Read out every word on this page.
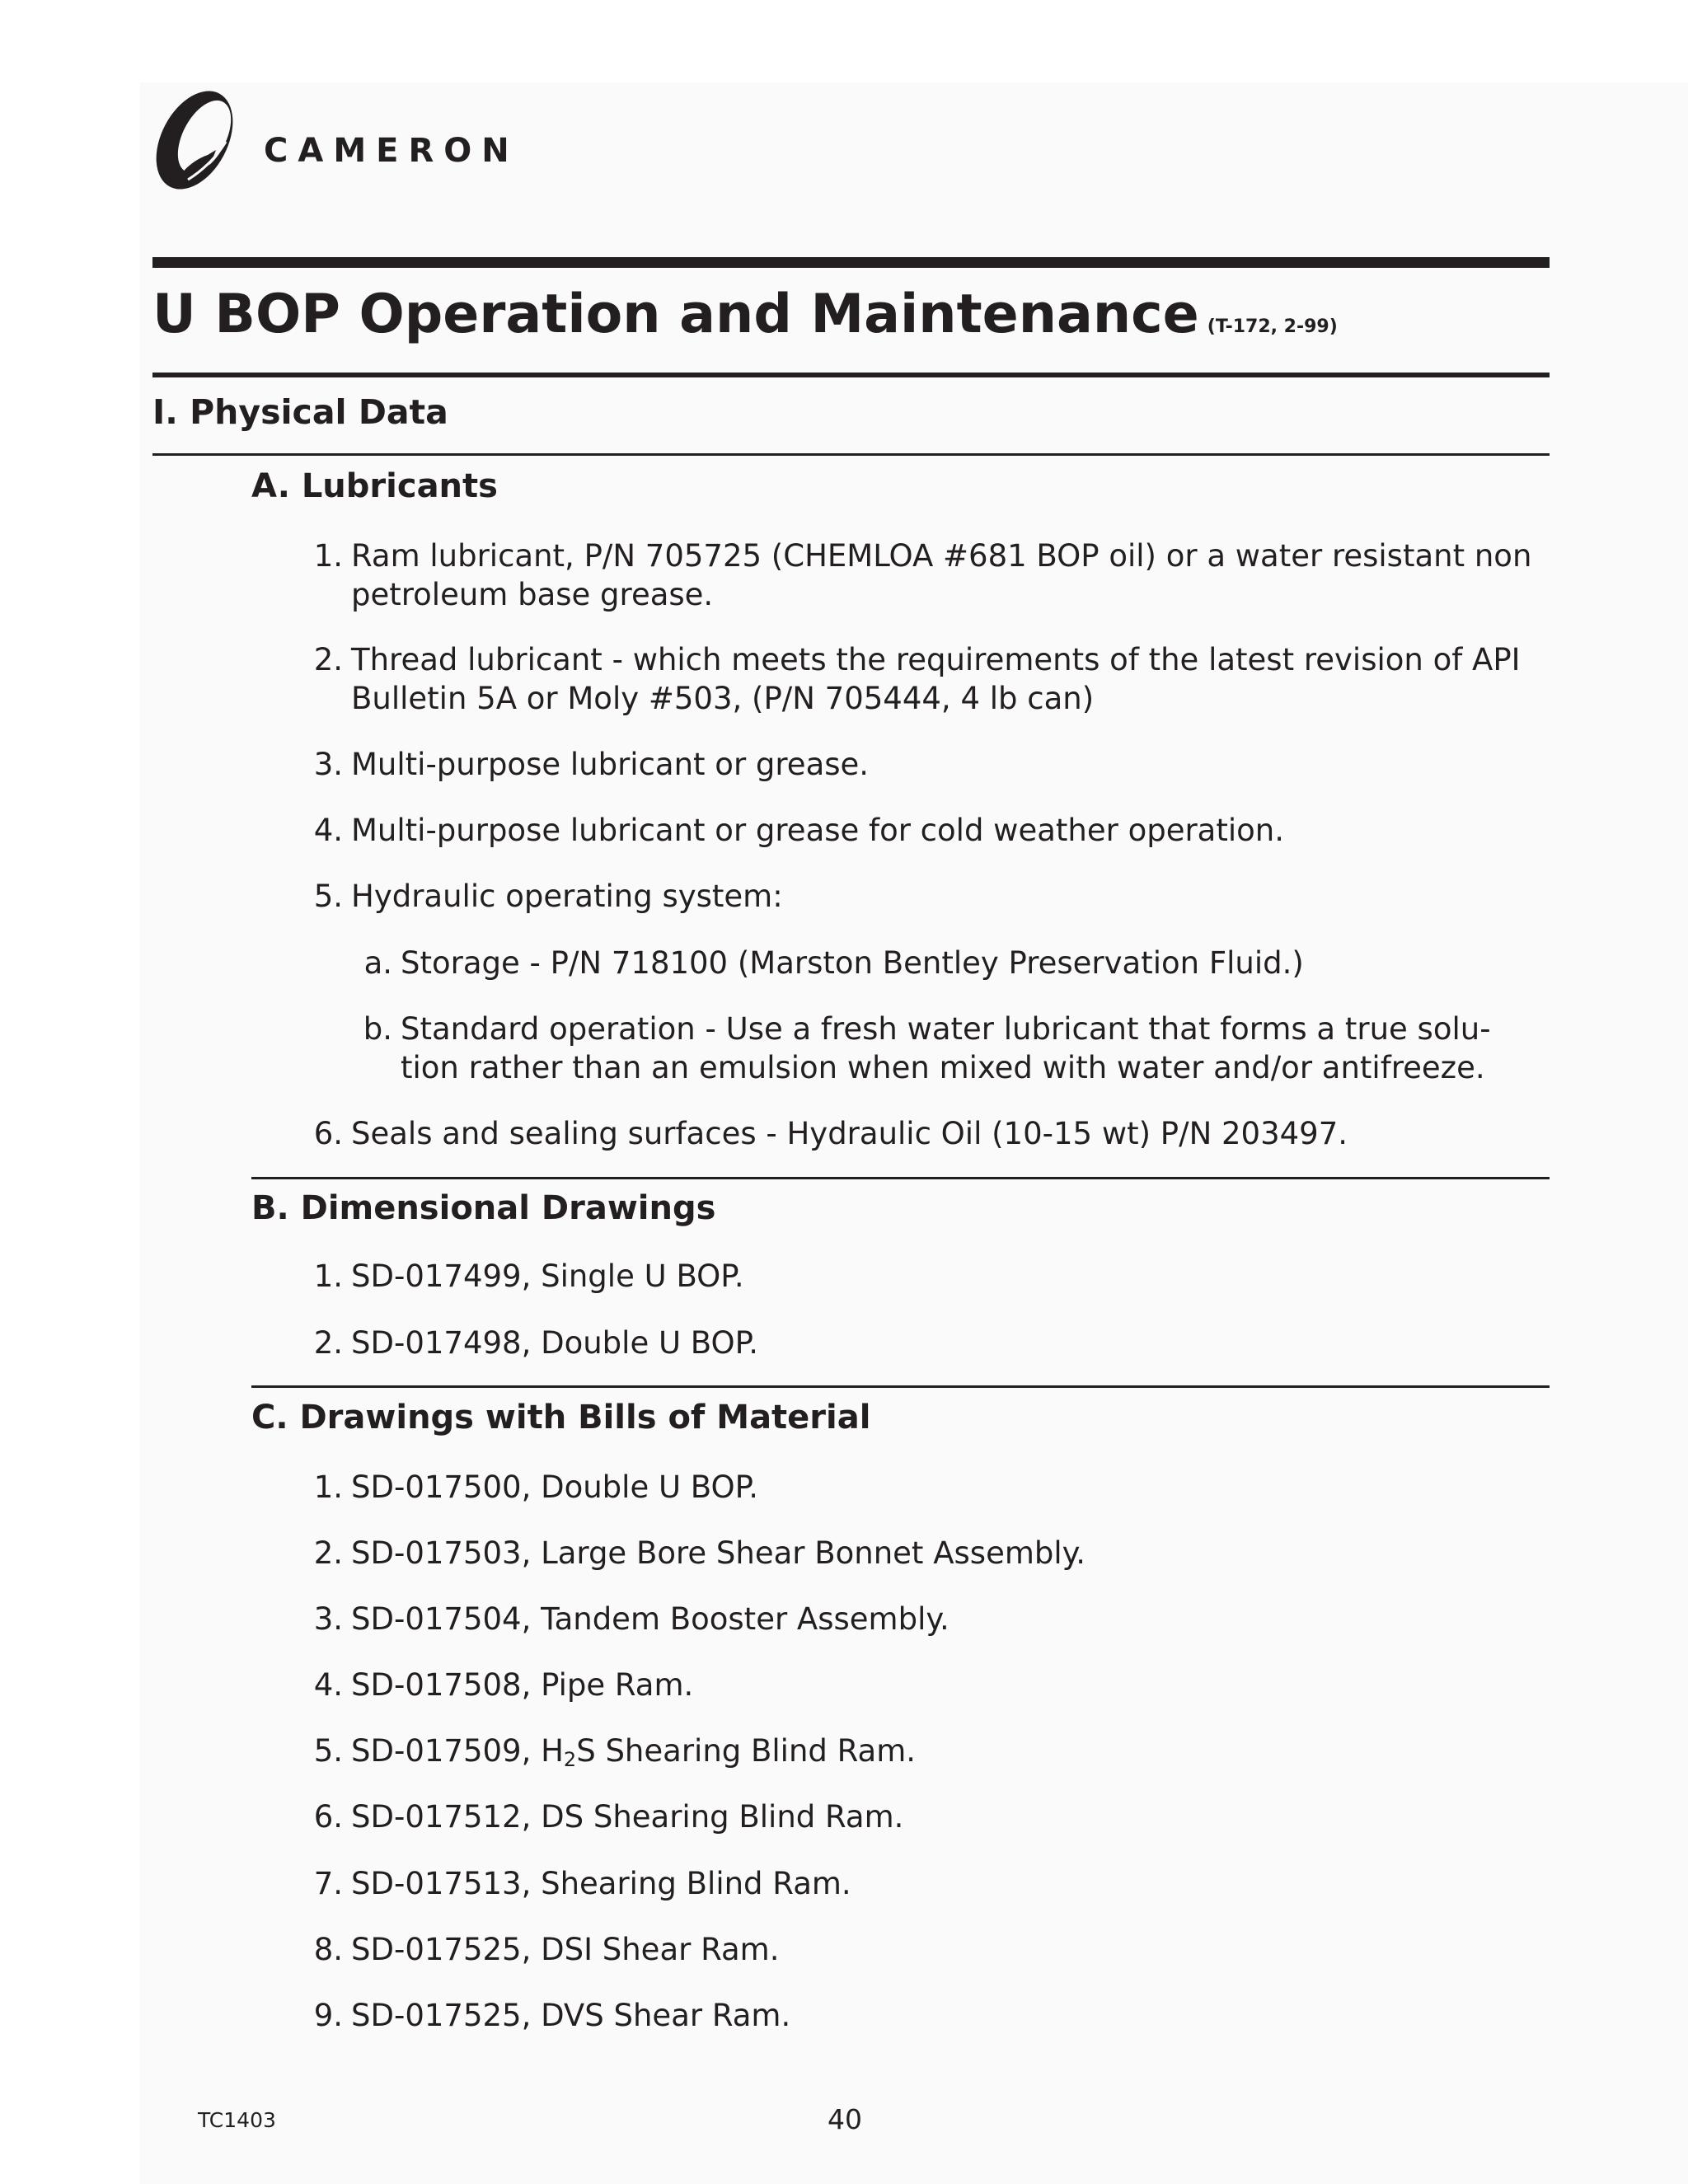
CAMERON
U BOP Operation and Maintenance (T-172, 2-99)
I. Physical Data
A. Lubricants
1. Ram lubricant, P/N 705725 (CHEMLOA #681 BOP oil) or a water resistant non
petroleum base grease.
2. Thread lubricant - which meets the requirements of the latest revision of API
Bulletin 5A or Moly #503, (P/N 705444, 4 lb can)
3. Multi-purpose lubricant or grease.
4. Multi-purpose lubricant or grease for cold weather operation.
5. Hydraulic operating system:
a. Storage - P/N 718100 (Marston Bentley Preservation Fluid.)
b. Standard operation - Use a fresh water lubricant that forms a true solu-
tion rather than an emulsion when mixed with water and/or antifreeze.
6. Seals and sealing surfaces - Hydraulic Oil (10-15 wt) P/N 203497.
B. Dimensional Drawings
1. SD-017499, Single U BOP.
2. SD-017498, Double U BOP.
C. Drawings with Bills of Material
1. SD-017500, Double U BOP.
2. SD-017503, Large Bore Shear Bonnet Assembly.
3. SD-017504, Tandem Booster Assembly.
4. SD-017508, Pipe Ram.
5. SD-017509, $H_2S$ Shearing Blind Ram.
6. SD-017512, DS Shearing Blind Ram.
7. SD-017513, Shearing Blind Ram.
8. SD-017525, DSI Shear Ram.
9. SD-017525, DVS Shear Ram.
TC1403	40
